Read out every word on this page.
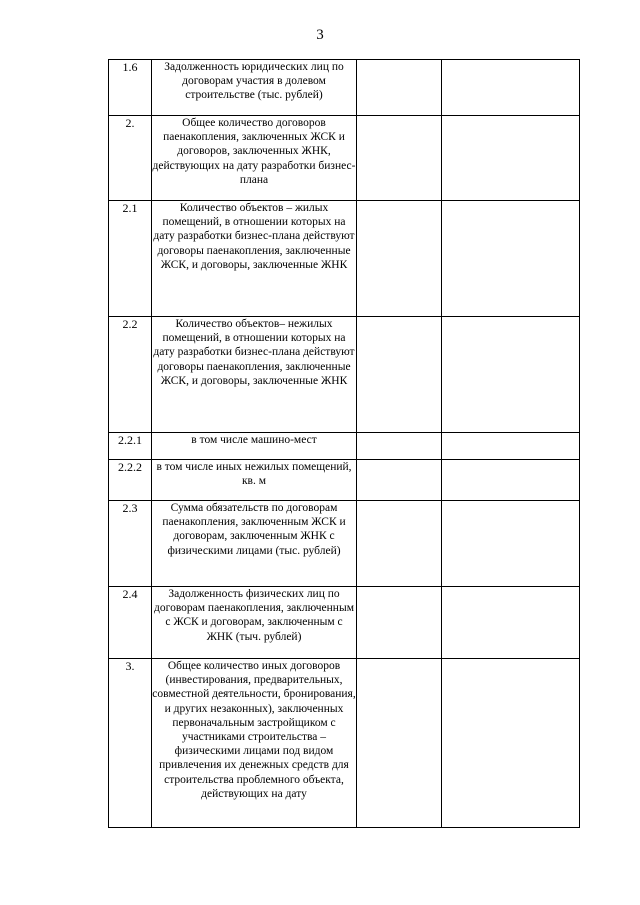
3
1.6	Задолженность юридических лиц по договорам участия в долевом строительстве (тыс. рублей)		
2.	Общее количество договоров паенакопления, заключенных ЖСК и договоров, заключенных ЖНК, действующих на дату разработки бизнес-плана		
2.1	Количество объектов – жилых помещений, в отношении которых на дату разработки бизнес-плана действуют договоры паенакопления, заключенные ЖСК, и договоры, заключенные ЖНК		
2.2	Количество объектов– нежилых помещений, в отношении которых на дату разработки бизнес-плана действуют договоры паенакопления, заключенные ЖСК, и договоры, заключенные ЖНК		
2.2.1	в том числе машино-мест		
2.2.2	в том числе иных нежилых помещений, кв. м		
2.3	Сумма обязательств по договорам паенакопления, заключенным ЖСК и договорам, заключенным ЖНК с физическими лицами (тыс. рублей)		
2.4	Задолженность физических лиц по договорам паенакопления, заключенным с ЖСК и договорам, заключенным с ЖНК (тыч. рублей)		
3.	Общее количество иных договоров (инвестирования, предварительных, совместной деятельности, бронирования, и других незаконных), заключенных первоначальным застройщиком с участниками строительства – физическими лицами под видом привлечения их денежных средств для строительства проблемного объекта, действующих на дату		
